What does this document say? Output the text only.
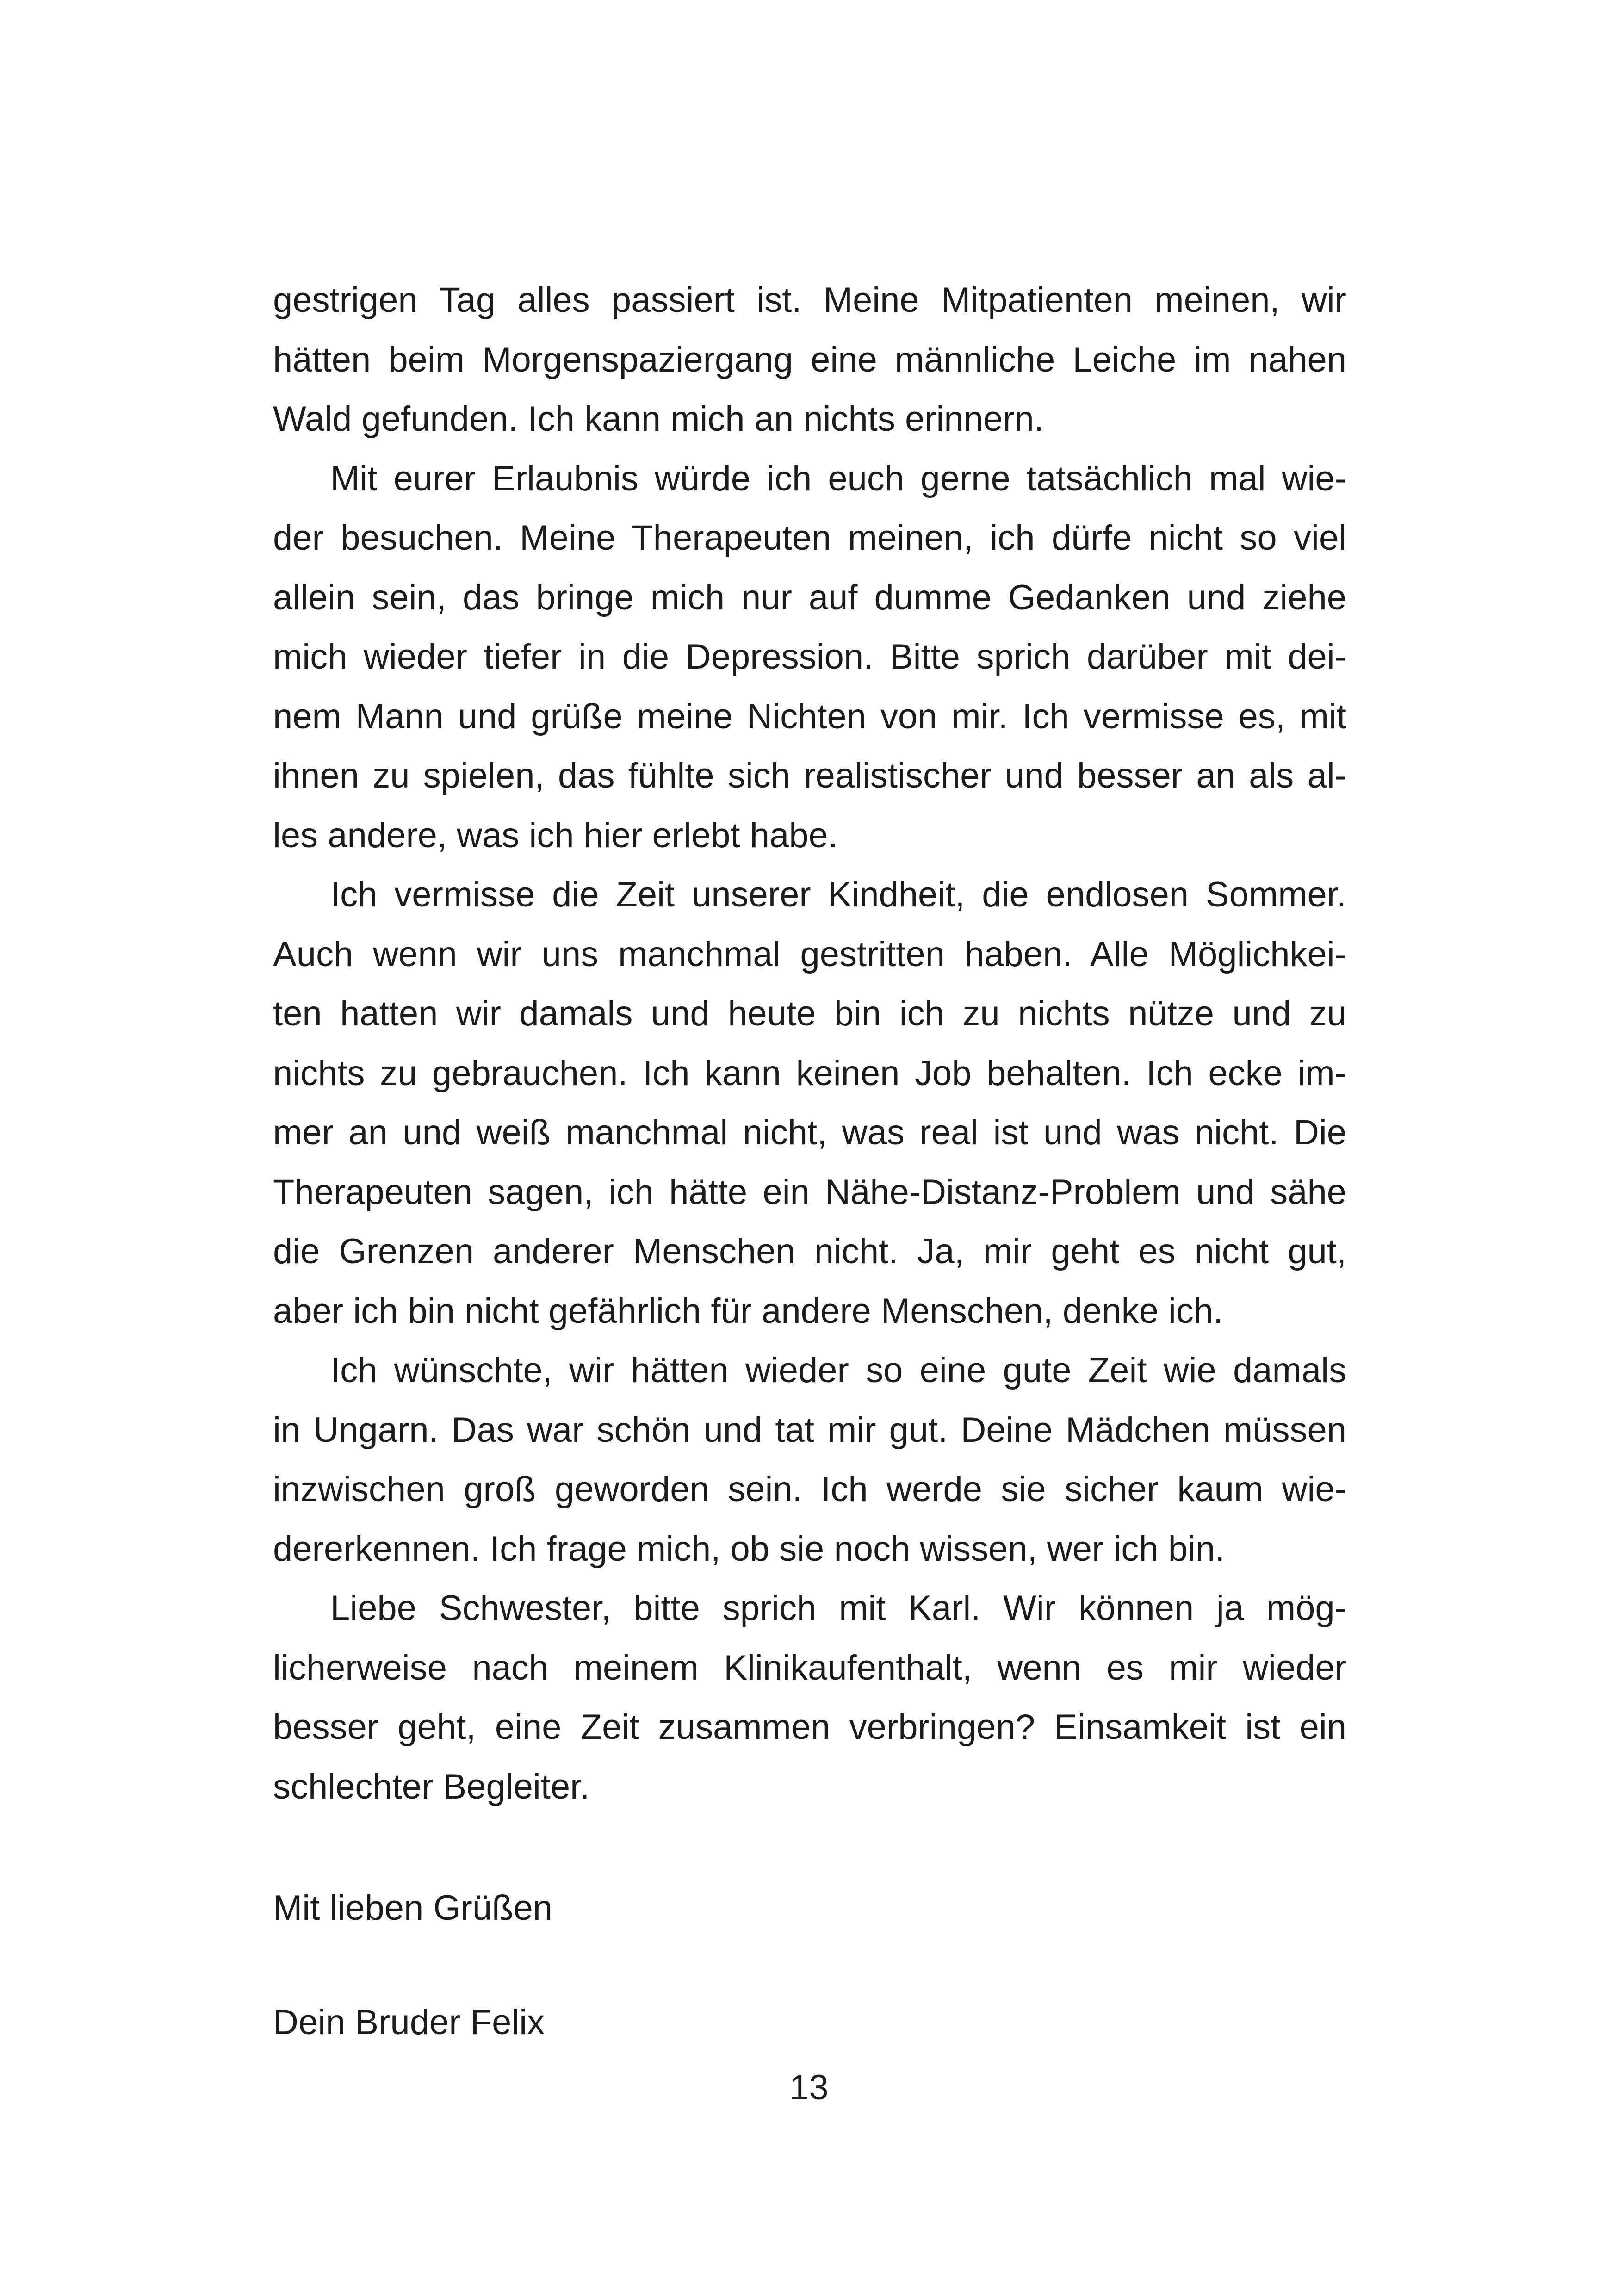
gestrigen Tag alles passiert ist. Meine Mitpatienten meinen, wir
hätten beim Morgenspaziergang eine männliche Leiche im nahen
Wald gefunden. Ich kann mich an nichts erinnern.
Mit eurer Erlaubnis würde ich euch gerne tatsächlich mal wie-
der besuchen. Meine Therapeuten meinen, ich dürfe nicht so viel
allein sein, das bringe mich nur auf dumme Gedanken und ziehe
mich wieder tiefer in die Depression. Bitte sprich darüber mit dei-
nem Mann und grüße meine Nichten von mir. Ich vermisse es, mit
ihnen zu spielen, das fühlte sich realistischer und besser an als al-
les andere, was ich hier erlebt habe.
Ich vermisse die Zeit unserer Kindheit, die endlosen Sommer.
Auch wenn wir uns manchmal gestritten haben. Alle Möglichkei-
ten hatten wir damals und heute bin ich zu nichts nütze und zu
nichts zu gebrauchen. Ich kann keinen Job behalten. Ich ecke im-
mer an und weiß manchmal nicht, was real ist und was nicht. Die
Therapeuten sagen, ich hätte ein Nähe-Distanz-Problem und sähe
die Grenzen anderer Menschen nicht. Ja, mir geht es nicht gut,
aber ich bin nicht gefährlich für andere Menschen, denke ich.
Ich wünschte, wir hätten wieder so eine gute Zeit wie damals
in Ungarn. Das war schön und tat mir gut. Deine Mädchen müssen
inzwischen groß geworden sein. Ich werde sie sicher kaum wie-
dererkennen. Ich frage mich, ob sie noch wissen, wer ich bin.
Liebe Schwester, bitte sprich mit Karl. Wir können ja mög-
licherweise nach meinem Klinikaufenthalt, wenn es mir wieder
besser geht, eine Zeit zusammen verbringen? Einsamkeit ist ein
schlechter Begleiter.
Mit lieben Grüßen
Dein Bruder Felix
13
